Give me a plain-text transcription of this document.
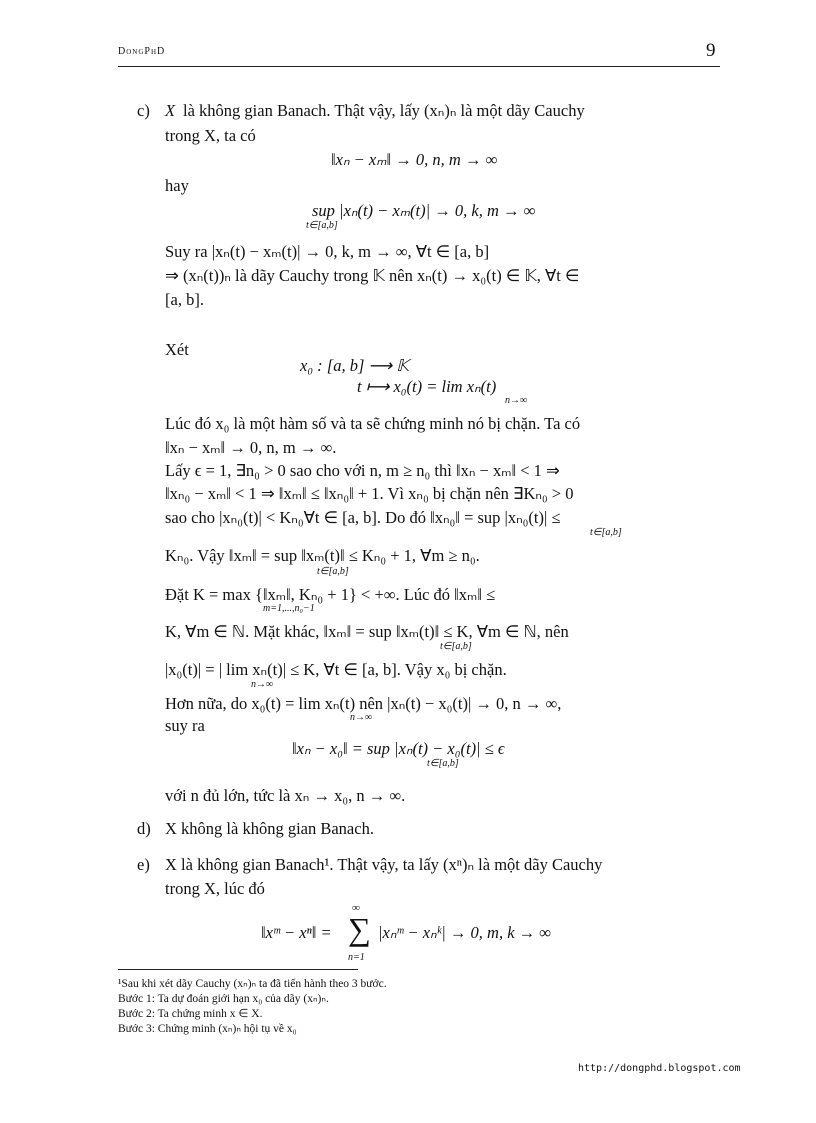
DongPhD	9
c) X là không gian Banach. Thật vậy, lấy (xₙ)ₙ là một dãy Cauchy
trong X, ta có
‖xₙ − xₘ‖ → 0, n, m → ∞
hay
sup |xₙ(t) − xₘ(t)| → 0, k, m → ∞
t∈[a,b]
Suy ra |xₙ(t) − xₘ(t)| → 0, k, m → ∞, ∀t ∈ [a, b]
⇒ (xₙ(t))ₙ là dãy Cauchy trong 𝕂 nên xₙ(t) → x₀(t) ∈ 𝕂, ∀t ∈
[a, b].
Xét
x₀ : [a, b] ⟶ 𝕂
t ⟼ x₀(t) = lim xₙ(t)
n→∞
Lúc đó x₀ là một hàm số và ta sẽ chứng minh nó bị chặn. Ta có
‖xₙ − xₘ‖ → 0, n, m → ∞.
Lấy ϵ = 1, ∃n₀ > 0 sao cho với n, m ≥ n₀ thì ‖xₙ − xₘ‖ < 1 ⇒
‖xₙ₀ − xₘ‖ < 1 ⇒ ‖xₘ‖ ≤ ‖xₙ₀‖ + 1. Vì xₙ₀ bị chặn nên ∃Kₙ₀ > 0
sao cho |xₙ₀(t)| < Kₙ₀∀t ∈ [a, b]. Do đó ‖xₙ₀‖ = sup |xₙ₀(t)| ≤
t∈[a,b]
Kₙ₀. Vậy ‖xₘ‖ = sup ‖xₘ(t)‖ ≤ Kₙ₀ + 1, ∀m ≥ n₀.
t∈[a,b]
Đặt K = max {‖xₘ‖, Kₙ₀ + 1} < +∞. Lúc đó ‖xₘ‖ ≤
m=1,...,n₀−1
K, ∀m ∈ ℕ. Mặt khác, ‖xₘ‖ = sup ‖xₘ(t)‖ ≤ K, ∀m ∈ ℕ, nên
t∈[a,b]
|x₀(t)| = | lim xₙ(t)| ≤ K, ∀t ∈ [a, b]. Vậy x₀ bị chặn.
n→∞
Hơn nữa, do x₀(t) = lim xₙ(t) nên |xₙ(t) − x₀(t)| → 0, n → ∞,
n→∞
suy ra
‖xₙ − x₀‖ = sup |xₙ(t) − x₀(t)| ≤ ϵ
t∈[a,b]
với n đủ lớn, tức là xₙ → x₀, n → ∞.
d) X không là không gian Banach.
e) X là không gian Banach¹. Thật vậy, ta lấy (xⁿ)ₙ là một dãy Cauchy
trong X, lúc đó
‖xᵐ − xⁿ‖ =
∞
∑
n=1
|xₙᵐ − xₙᵏ| → 0, m, k → ∞
¹Sau khi xét dãy Cauchy (xₙ)ₙ ta đã tiến hành theo 3 bước.
Bước 1: Ta dự đoán giới hạn x₀ của dãy (xₙ)ₙ.
Bước 2: Ta chứng minh x ∈ X.
Bước 3: Chứng minh (xₙ)ₙ hội tụ về x₀
http://dongphd.blogspot.com
